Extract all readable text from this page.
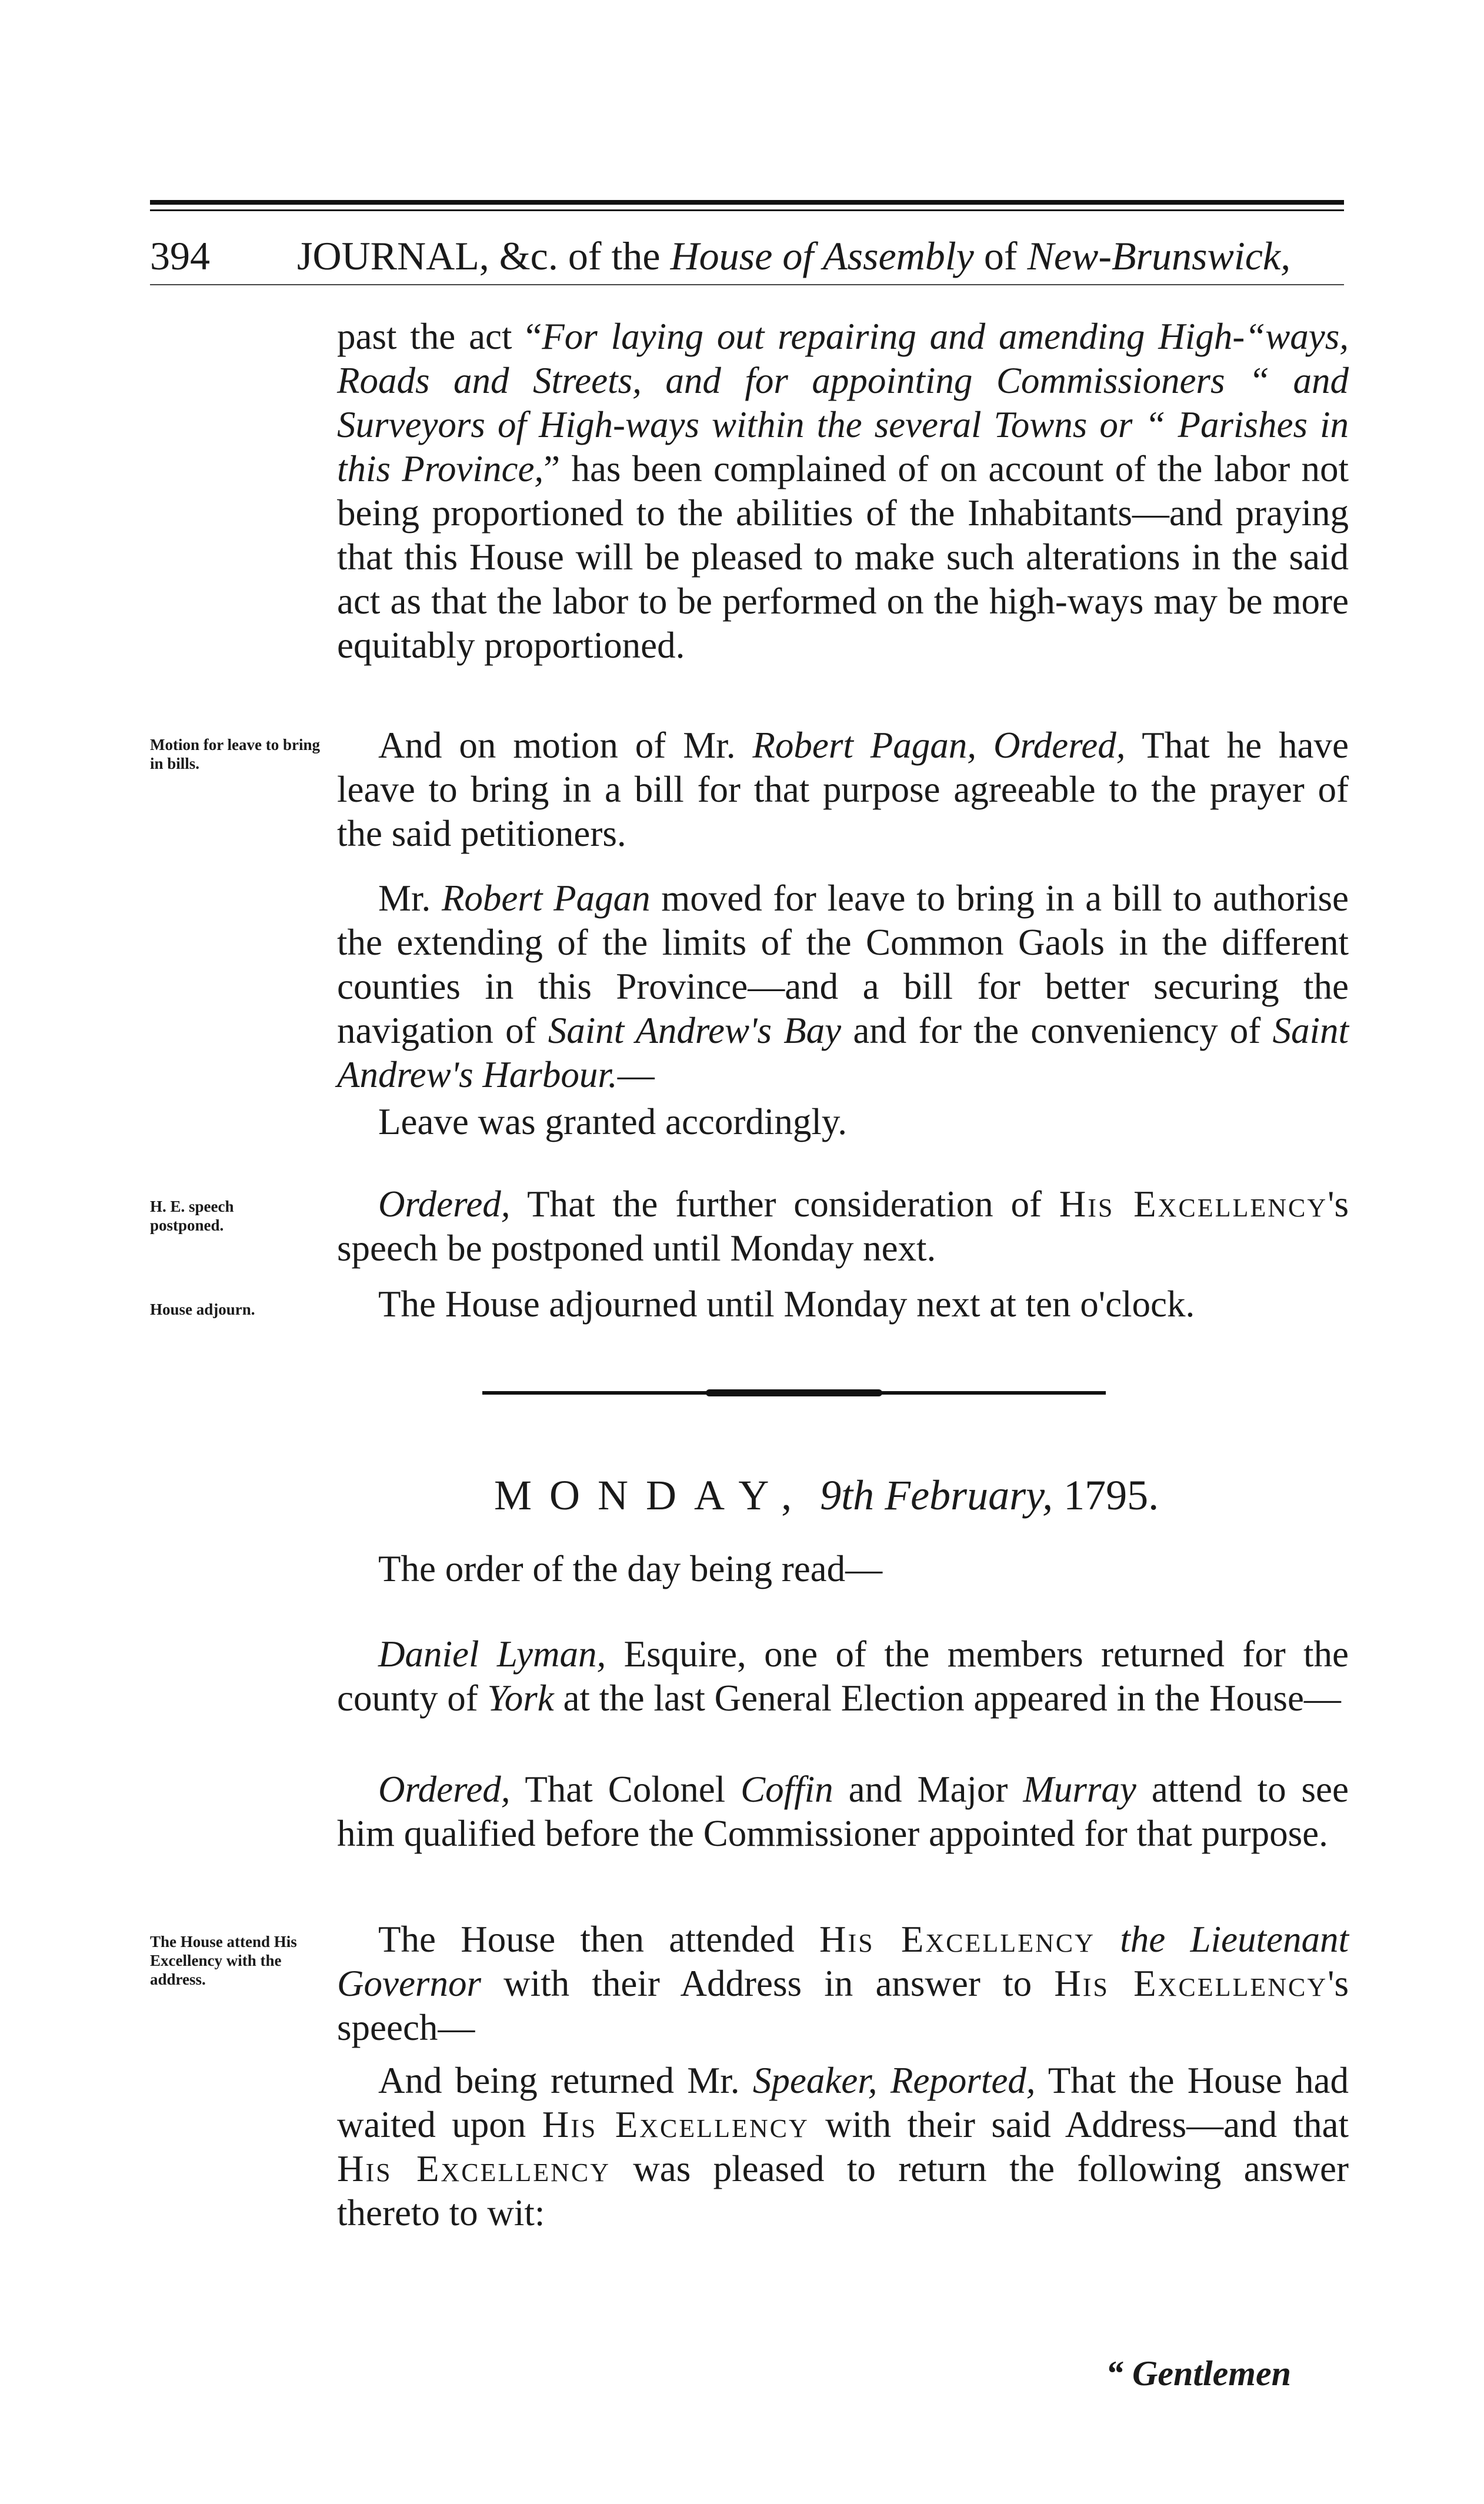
394 JOURNAL, &c. of the House of Assembly of New-Brunswick,

past the act “For laying out repairing and amending High-“ways, Roads and Streets, and for appointing Commissioners “ and Surveyors of High-ways within the several Towns or “ Parishes in this Province,” has been complained of on account of the labor not being proportioned to the abilities of the Inhabitants—and praying that this House will be pleased to make such alterations in the said act as that the labor to be performed on the high-ways may be more equitably proportioned.

Motion for leave to bring in bills.
H. E. speech postponed.
House adjourn.
The House attend His Excellency with the address.

And on motion of Mr. Robert Pagan, Ordered, That he have leave to bring in a bill for that purpose agreeable to the prayer of the said petitioners.

Mr. Robert Pagan moved for leave to bring in a bill to authorise the extending of the limits of the Common Gaols in the different counties in this Province—and a bill for better securing the navigation of Saint Andrew's Bay and for the conveniency of Saint Andrew's Harbour.—

Leave was granted accordingly.

Ordered, That the further consideration of His Excellency's speech be postponed until Monday next.

The House adjourned until Monday next at ten o'clock.

MONDAY, 9th February, 1795.

The order of the day being read—

Daniel Lyman, Esquire, one of the members returned for the county of York at the last General Election appeared in the House—

Ordered, That Colonel Coffin and Major Murray attend to see him qualified before the Commissioner appointed for that purpose.

The House then attended His Excellency the Lieutenant Governor with their Address in answer to His Excellency's speech—

And being returned Mr. Speaker, Reported, That the House had waited upon His Excellency with their said Address—and that His Excellency was pleased to return the following answer thereto to wit:

“ Gentlemen
